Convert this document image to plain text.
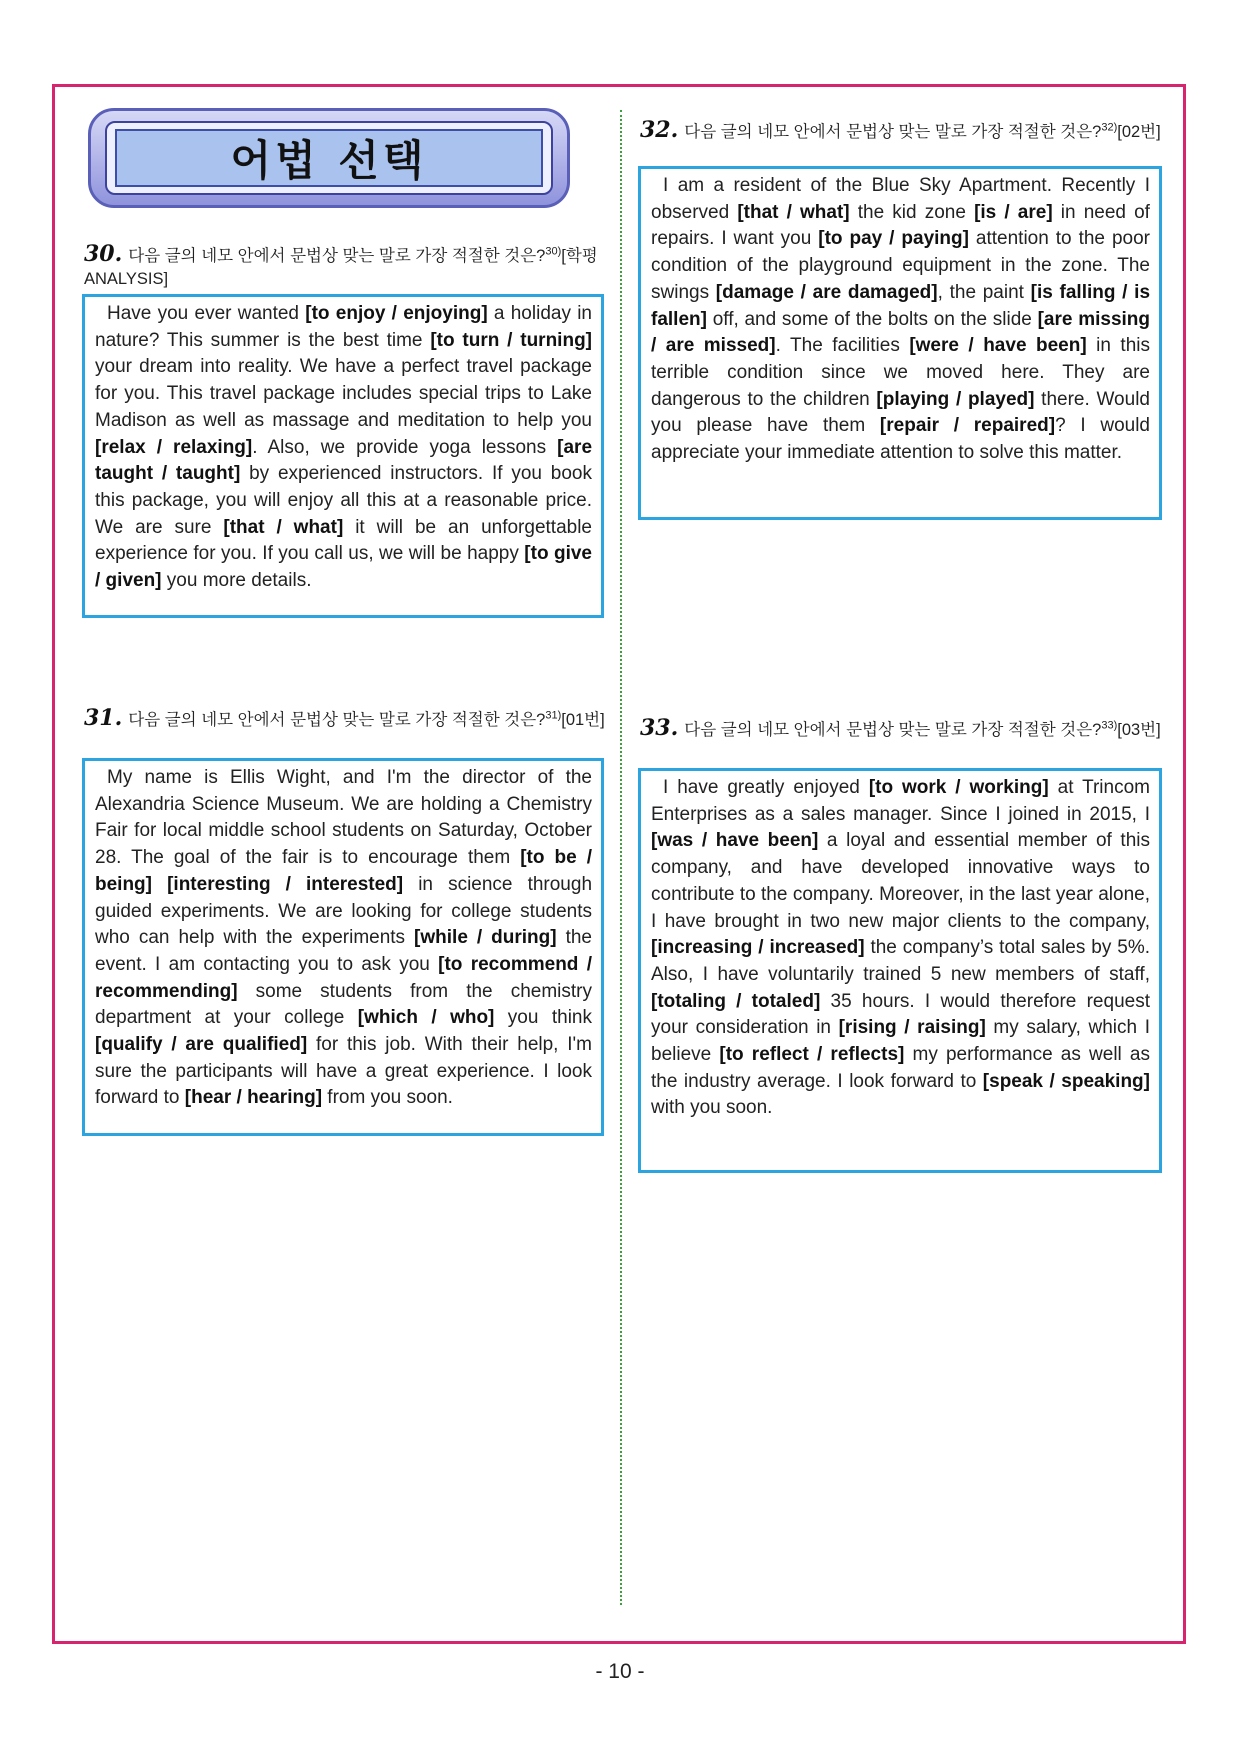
어법 선택
30. 다음 글의 네모 안에서 문법상 맞는 말로 가장 적절한 것은?$^{30)}$[학평 ANALYSIS]

Have you ever wanted [to enjoy / enjoying] a holiday in nature? This summer is the best time [to turn / turning] your dream into reality. We have a perfect travel package for you. This travel package includes special trips to Lake Madison as well as massage and meditation to help you [relax / relaxing]. Also, we provide yoga lessons [are taught / taught] by experienced instructors. If you book this package, you will enjoy all this at a reasonable price. We are sure [that / what] it will be an unforgettable experience for you. If you call us, we will be happy [to give / given] you more details.

31. 다음 글의 네모 안에서 문법상 맞는 말로 가장 적절한 것은?$^{31)}$[01번]

My name is Ellis Wight, and I'm the director of the Alexandria Science Museum. We are holding a Chemistry Fair for local middle school students on Saturday, October 28. The goal of the fair is to encourage them [to be / being] [interesting / interested] in science through guided experiments. We are looking for college students who can help with the experiments [while / during] the event. I am contacting you to ask you [to recommend / recommending] some students from the chemistry department at your college [which / who] you think [qualify / are qualified] for this job. With their help, I'm sure the participants will have a great experience. I look forward to [hear / hearing] from you soon.

32. 다음 글의 네모 안에서 문법상 맞는 말로 가장 적절한 것은?$^{32)}$[02번]

I am a resident of the Blue Sky Apartment. Recently I observed [that / what] the kid zone [is / are] in need of repairs. I want you [to pay / paying] attention to the poor condition of the playground equipment in the zone. The swings [damage / are damaged], the paint [is falling / is fallen] off, and some of the bolts on the slide [are missing / are missed]. The facilities [were / have been] in this terrible condition since we moved here. They are dangerous to the children [playing / played] there. Would you please have them [repair / repaired]? I would appreciate your immediate attention to solve this matter.

33. 다음 글의 네모 안에서 문법상 맞는 말로 가장 적절한 것은?$^{33)}$[03번]

I have greatly enjoyed [to work / working] at Trincom Enterprises as a sales manager. Since I joined in 2015, I [was / have been] a loyal and essential member of this company, and have developed innovative ways to contribute to the company. Moreover, in the last year alone, I have brought in two new major clients to the company, [increasing / increased] the company’s total sales by 5%. Also, I have voluntarily trained 5 new members of staff, [totaling / totaled] 35 hours. I would therefore request your consideration in [rising / raising] my salary, which I believe [to reflect / reflects] my performance as well as the industry average. I look forward to [speak / speaking] with you soon.

- 10 -
